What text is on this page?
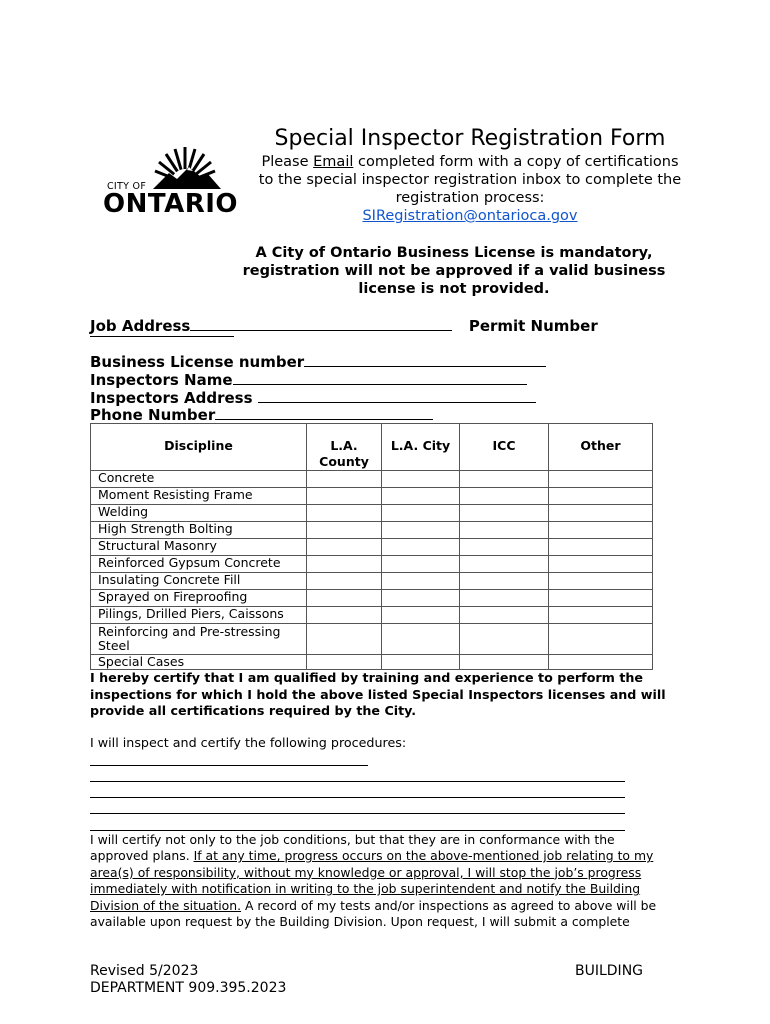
CITY OF
ONTARIO
Special Inspector Registration Form
Please Email completed form with a copy of certifications to the special inspector registration inbox to complete the registration process:
SIRegistration@ontarioca.gov
A City of Ontario Business License is mandatory, registration will not be approved if a valid business license is not provided.
Job Address	Permit Number
Business License number
Inspectors Name
Inspectors Address
Phone Number
Discipline	L.A. County	L.A. City	ICC	Other
Concrete				
Moment Resisting Frame				
Welding				
High Strength Bolting				
Structural Masonry				
Reinforced Gypsum Concrete				
Insulating Concrete Fill				
Sprayed on Fireproofing				
Pilings, Drilled Piers, Caissons				
Reinforcing and Pre-stressing Steel				
Special Cases				
I hereby certify that I am qualified by training and experience to perform the inspections for which I hold the above listed Special Inspectors licenses and will provide all certifications required by the City.
I will inspect and certify the following procedures:
I will certify not only to the job conditions, but that they are in conformance with the approved plans. If at any time, progress occurs on the above-mentioned job relating to my area(s) of responsibility, without my knowledge or approval, I will stop the job’s progress immediately with notification in writing to the job superintendent and notify the Building Division of the situation. A record of my tests and/or inspections as agreed to above will be available upon request by the Building Division. Upon request, I will submit a complete
Revised 5/2023
DEPARTMENT 909.395.2023
BUILDING
